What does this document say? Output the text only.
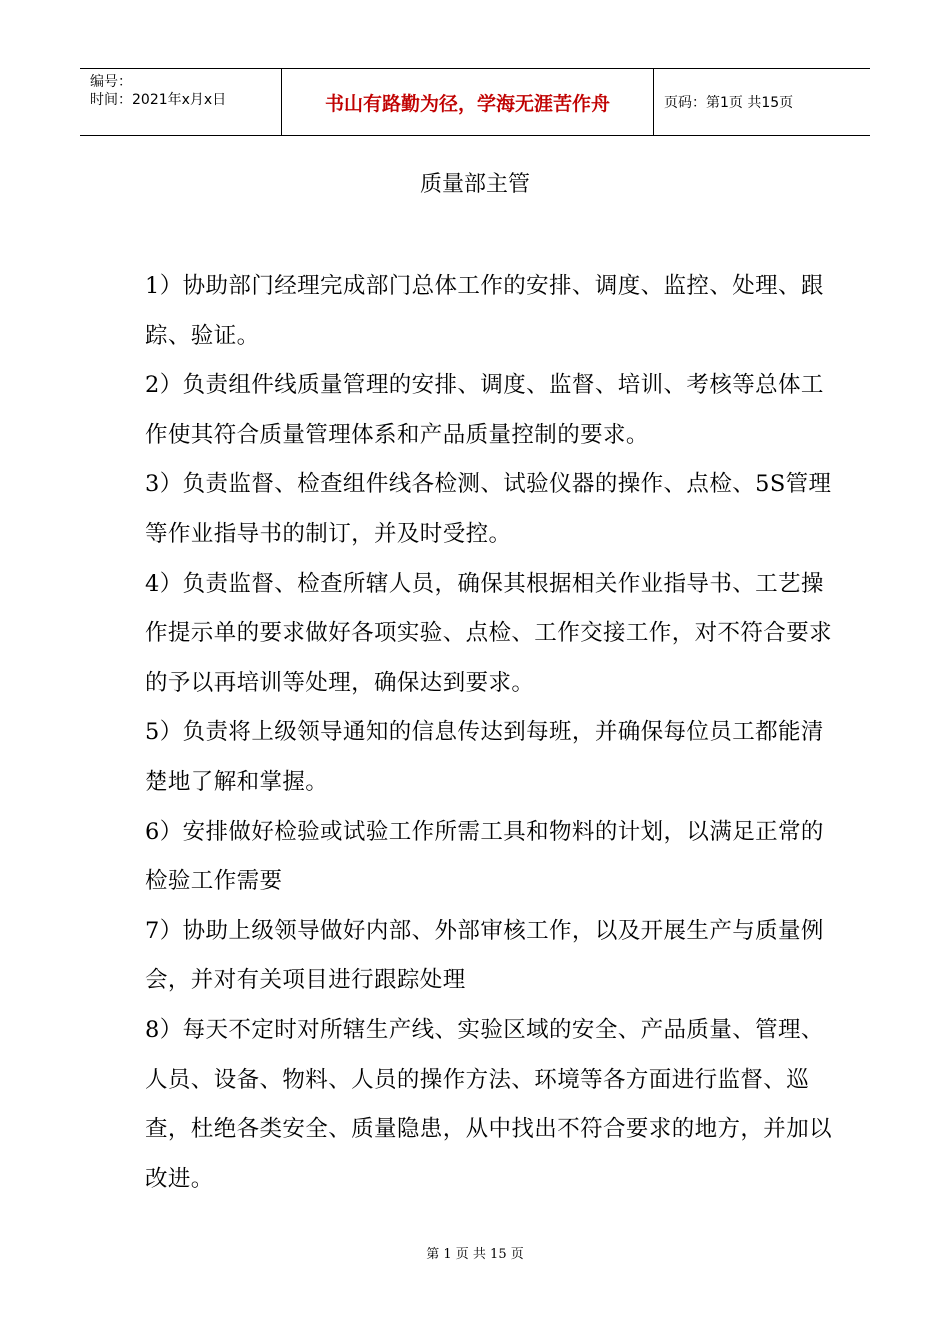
编号：
时间：2021年x月x日	书山有路勤为径，学海无涯苦作舟	页码：第1页 共15页
质量部主管

1）协助部门经理完成部门总体工作的安排、调度、监控、处理、跟踪、验证。

2）负责组件线质量管理的安排、调度、监督、培训、考核等总体工作使其符合质量管理体系和产品质量控制的要求。

3）负责监督、检查组件线各检测、试验仪器的操作、点检、5S管理等作业指导书的制订，并及时受控。

4）负责监督、检查所辖人员，确保其根据相关作业指导书、工艺操作提示单的要求做好各项实验、点检、工作交接工作，对不符合要求的予以再培训等处理，确保达到要求。

5）负责将上级领导通知的信息传达到每班，并确保每位员工都能清楚地了解和掌握。

6）安排做好检验或试验工作所需工具和物料的计划，以满足正常的检验工作需要

7）协助上级领导做好内部、外部审核工作，以及开展生产与质量例会，并对有关项目进行跟踪处理

8）每天不定时对所辖生产线、实验区域的安全、产品质量、管理、人员、设备、物料、人员的操作方法、环境等各方面进行监督、巡查，杜绝各类安全、质量隐患，从中找出不符合要求的地方，并加以改进。

第 1 页 共 15 页
